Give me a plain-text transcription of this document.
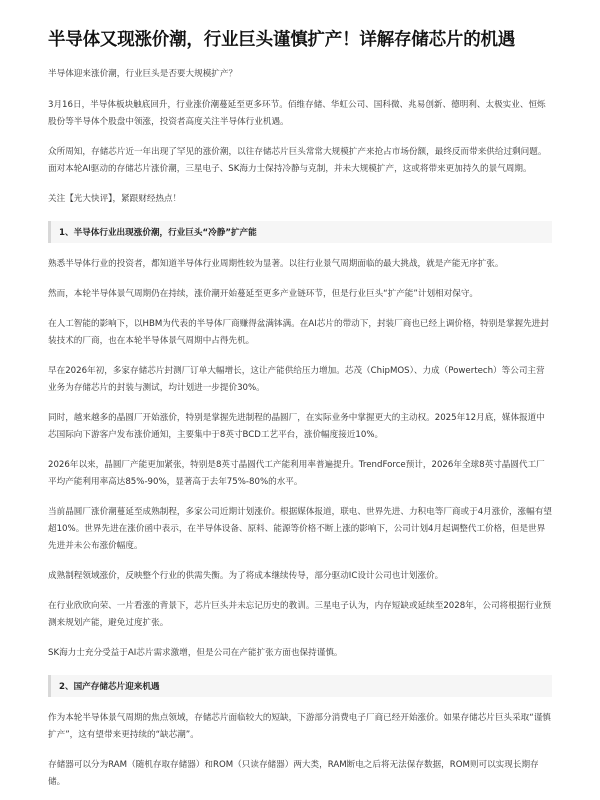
半导体又现涨价潮，行业巨头谨慎扩产！详解存储芯片的机遇

半导体迎来涨价潮，行业巨头是否要大规模扩产？

3月16日，半导体板块触底回升，行业涨价潮蔓延至更多环节。佰维存储、华虹公司、国科微、兆易创新、德明利、太极实业、恒烁股份等半导体个股盘中领涨，投资者高度关注半导体行业机遇。

众所周知，存储芯片近一年出现了罕见的涨价潮，以往存储芯片巨头常常大规模扩产来抢占市场份额，最终反而带来供给过剩问题。面对本轮AI驱动的存储芯片涨价潮，三星电子、SK海力士保持冷静与克制，并未大规模扩产，这或将带来更加持久的景气周期。

关注【光大快评】，紧跟财经热点！

1、半导体行业出现涨价潮，行业巨头“冷静”扩产能

熟悉半导体行业的投资者，都知道半导体行业周期性较为显著。以往行业景气周期面临的最大挑战，就是产能无序扩张。

然而，本轮半导体景气周期仍在持续，涨价潮开始蔓延至更多产业链环节，但是行业巨头“扩产能”计划相对保守。

在人工智能的影响下，以HBM为代表的半导体厂商赚得盆满钵满。在AI芯片的带动下，封装厂商也已经上调价格，特别是掌握先进封装技术的厂商，也在本轮半导体景气周期中占得先机。

早在2026年初，多家存储芯片封测厂订单大幅增长，这让产能供给压力增加。芯茂（ChipMOS）、力成（Powertech）等公司主营业务为存储芯片的封装与测试，均计划进一步提价30%。

同时，越来越多的晶圆厂开始涨价，特别是掌握先进制程的晶圆厂，在实际业务中掌握更大的主动权。2025年12月底，媒体报道中芯国际向下游客户发布涨价通知，主要集中于8英寸BCD工艺平台，涨价幅度接近10%。

2026年以来，晶圆厂产能更加紧张，特别是8英寸晶圆代工产能利用率普遍提升。TrendForce预计，2026年全球8英寸晶圆代工厂平均产能利用率高达85%-90%，显著高于去年75%-80%的水平。

当前晶圆厂涨价潮蔓延至成熟制程，多家公司近期计划涨价。根据媒体报道，联电、世界先进、力积电等厂商或于4月涨价，涨幅有望超10%。世界先进在涨价函中表示，在半导体设备、原料、能源等价格不断上涨的影响下，公司计划4月起调整代工价格，但是世界先进并未公布涨价幅度。

成熟制程领域涨价，反映整个行业的供需失衡。为了将成本继续传导，部分驱动IC设计公司也计划涨价。

在行业欣欣向荣、一片看涨的背景下，芯片巨头并未忘记历史的教训。三星电子认为，内存短缺或延续至2028年，公司将根据行业预测来规划产能，避免过度扩张。

SK海力士充分受益于AI芯片需求激增，但是公司在产能扩张方面也保持谨慎。

2、国产存储芯片迎来机遇

作为本轮半导体景气周期的焦点领域，存储芯片面临较大的短缺，下游部分消费电子厂商已经开始涨价。如果存储芯片巨头采取“谨慎扩产”，这有望带来更持续的“缺芯潮”。

存储器可以分为RAM（随机存取存储器）和ROM（只读存储器）两大类，RAM断电之后将无法保存数据，ROM则可以实现长期存储。
